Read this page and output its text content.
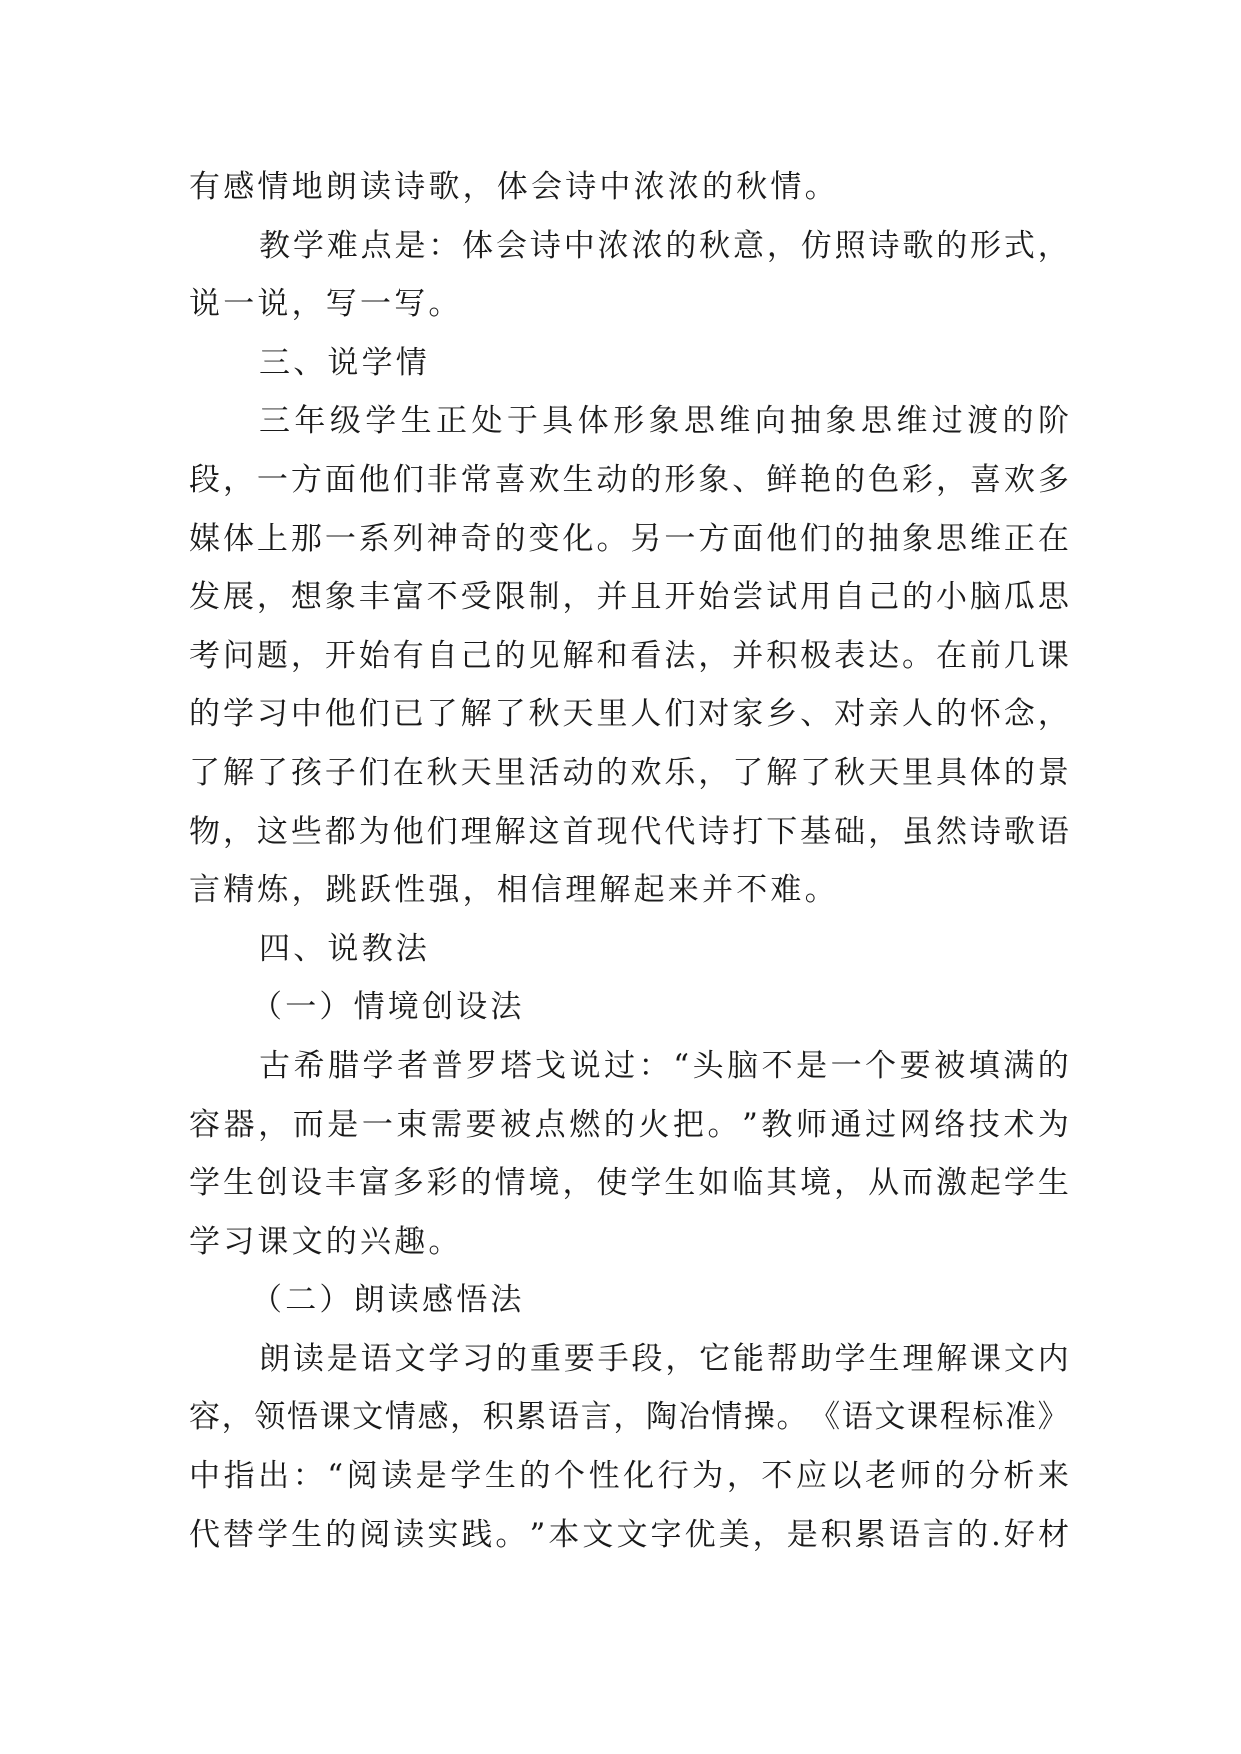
有感情地朗读诗歌，体会诗中浓浓的秋情。
教 学 难 点 是 ： 体 会 诗 中 浓 浓 的 秋 意 ， 仿 照 诗 歌 的 形 式 ，
说一说，写一写。
三、说学情
三 年 级 学 生 正 处 于 具 体 形 象 思 维 向 抽 象 思 维 过 渡 的 阶
段 ， 一 方 面 他 们 非 常 喜 欢 生 动 的 形 象 、 鲜 艳 的 色 彩 ， 喜 欢 多
媒 体 上 那 一 系 列 神 奇 的 变 化 。 另 一 方 面 他 们 的 抽 象 思 维 正 在
发 展 ， 想 象 丰 富 不 受 限 制 ， 并 且 开 始 尝 试 用 自 己 的 小 脑 瓜 思
考 问 题 ， 开 始 有 自 己 的 见 解 和 看 法 ， 并 积 极 表 达 。 在 前 几 课
的 学 习 中 他 们 已 了 解 了 秋 天 里 人 们 对 家 乡 、 对 亲 人 的 怀 念 ，
了 解 了 孩 子 们 在 秋 天 里 活 动 的 欢 乐 ， 了 解 了 秋 天 里 具 体 的 景
物 ， 这 些 都 为 他 们 理 解 这 首 现 代 代 诗 打 下 基 础 ， 虽 然 诗 歌 语
言精炼，跳跃性强，相信理解起来并不难。
四、说教法
（一）情境创设法
古 希 腊 学 者 普 罗 塔 戈 说 过 ： “ 头 脑 不 是 一 个 要 被 填 满 的
容 器 ， 而 是 一 束 需 要 被 点 燃 的 火 把 。 ” 教 师 通 过 网 络 技 术 为
学 生 创 设 丰 富 多 彩 的 情 境 ， 使 学 生 如 临 其 境 ， 从 而 激 起 学 生
学习课文的兴趣。
（二）朗读感悟法
朗 读 是 语 文 学 习 的 重 要 手 段 ， 它 能 帮 助 学 生 理 解 课 文 内
容 ， 领 悟 课 文 情 感 ， 积 累 语 言 ， 陶 冶 情 操 。 《 语 文 课 程 标 准 》
中 指 出 ： “ 阅 读 是 学 生 的 个 性 化 行 为 ， 不 应 以 老 师 的 分 析 来
代 替 学 生 的 阅 读 实 践 。 ” 本 文 文 字 优 美 ， 是 积 累 语 言 的 . 好 材
